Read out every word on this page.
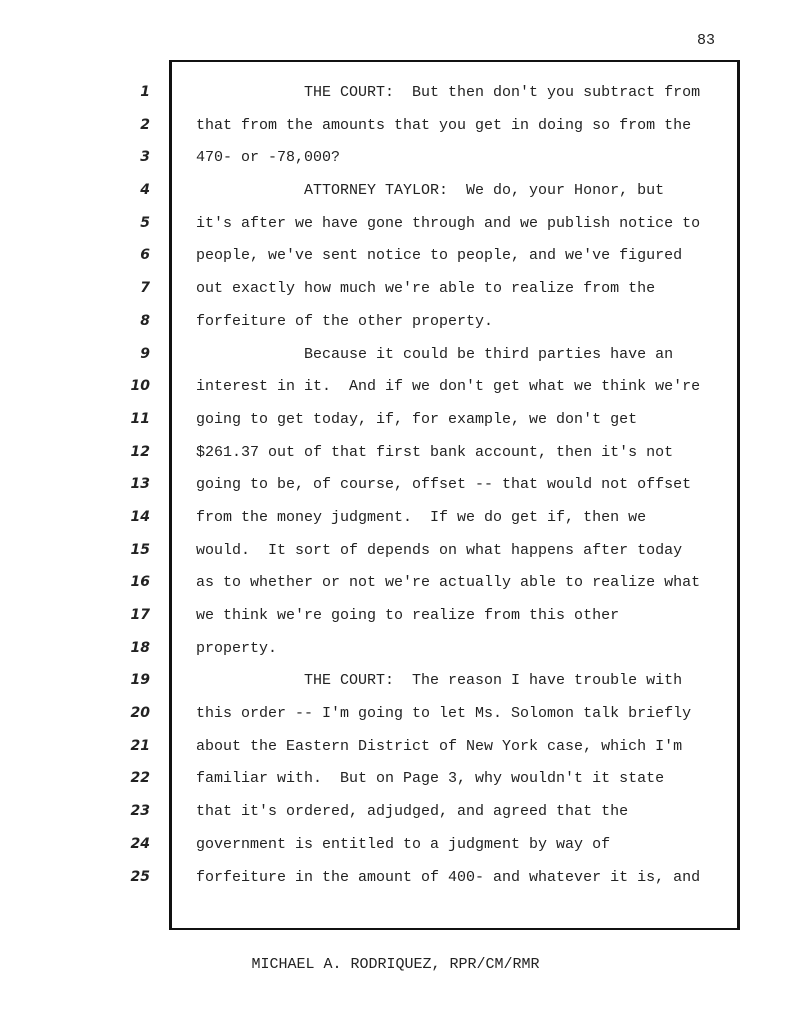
83
1
2
3
4
5
6
7
8
9
10
11
12
13
14
15
16
17
18
19
20
21
22
23
24
25
THE COURT:  But then don't you subtract from
that from the amounts that you get in doing so from the
470- or -78,000?
ATTORNEY TAYLOR:  We do, your Honor, but
it's after we have gone through and we publish notice to
people, we've sent notice to people, and we've figured
out exactly how much we're able to realize from the
forfeiture of the other property.
Because it could be third parties have an
interest in it.  And if we don't get what we think we're
going to get today, if, for example, we don't get
$261.37 out of that first bank account, then it's not
going to be, of course, offset -- that would not offset
from the money judgment.  If we do get if, then we
would.  It sort of depends on what happens after today
as to whether or not we're actually able to realize what
we think we're going to realize from this other
property.
THE COURT:  The reason I have trouble with
this order -- I'm going to let Ms. Solomon talk briefly
about the Eastern District of New York case, which I'm
familiar with.  But on Page 3, why wouldn't it state
that it's ordered, adjudged, and agreed that the
government is entitled to a judgment by way of
forfeiture in the amount of 400- and whatever it is, and
MICHAEL A. RODRIQUEZ, RPR/CM/RMR
